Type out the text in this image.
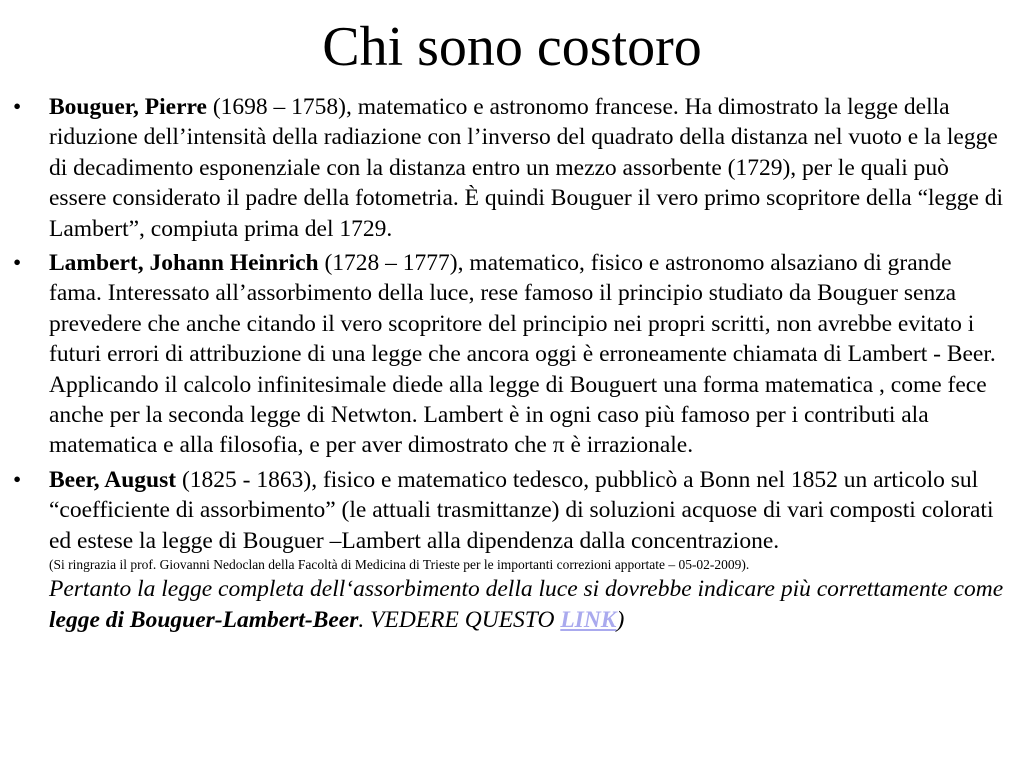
Chi sono costoro
• Bouguer, Pierre (1698 – 1758), matematico e astronomo francese. Ha dimostrato la legge della riduzione dell’intensità della radiazione con l’inverso del quadrato della distanza nel vuoto e la legge di decadimento esponenziale con la distanza entro un mezzo assorbente (1729), per le quali può essere considerato il padre della fotometria. È quindi Bouguer il vero primo scopritore della “legge di Lambert”, compiuta prima del 1729.
• Lambert, Johann Heinrich (1728 – 1777), matematico, fisico e astronomo alsaziano di grande fama. Interessato all’assorbimento della luce, rese famoso il principio studiato da Bouguer senza prevedere che anche citando il vero scopritore del principio nei propri scritti, non avrebbe evitato i futuri errori di attribuzione di una legge che ancora oggi è erroneamente chiamata di Lambert - Beer. Applicando il calcolo infinitesimale diede alla legge di Bouguert una forma matematica , come fece anche per la seconda legge di Netwton. Lambert è in ogni caso più famoso per i contributi ala matematica e alla filosofia, e per aver dimostrato che π è irrazionale.
• Beer, August (1825 - 1863), fisico e matematico tedesco, pubblicò a Bonn nel 1852 un articolo sul “coefficiente di assorbimento” (le attuali trasmittanze) di soluzioni acquose di vari composti colorati ed estese la legge di Bouguer –Lambert alla dipendenza dalla concentrazione.
(Si ringrazia il prof. Giovanni Nedoclan della Facoltà di Medicina di Trieste per le importanti correzioni apportate – 05-02-2009).
Pertanto la legge completa dell‘assorbimento della luce si dovrebbe indicare più correttamente come legge di Bouguer-Lambert-Beer. VEDERE QUESTO LINK)
